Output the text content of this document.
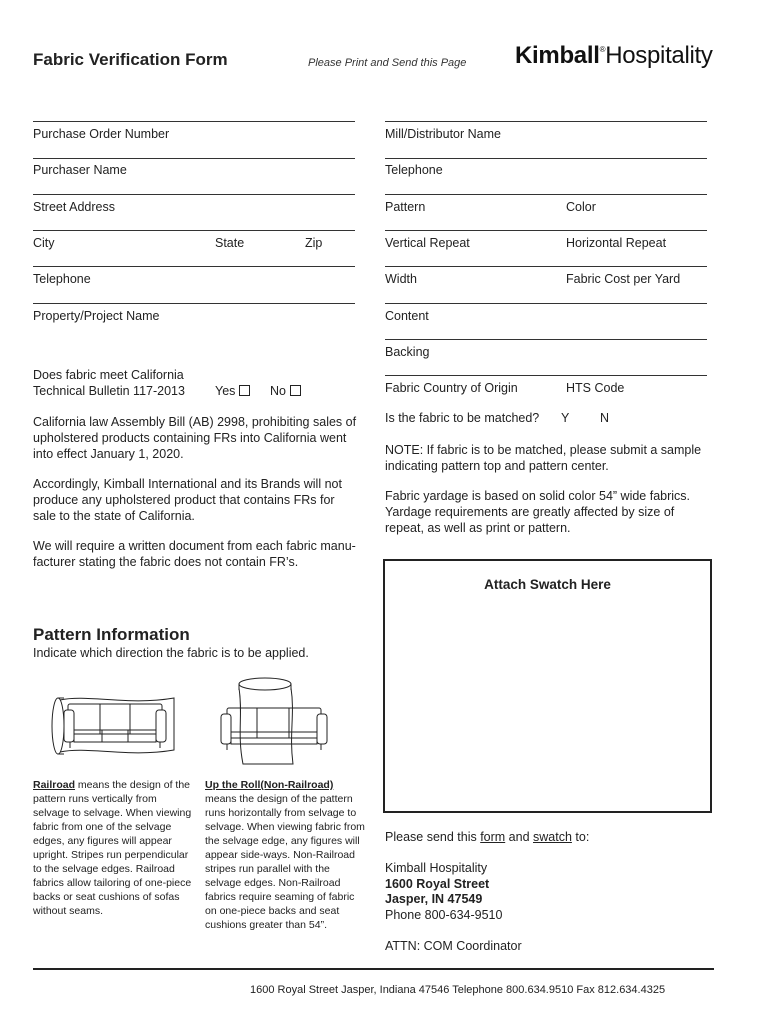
Fabric Verification Form	Please Print and Send this Page Kimball®Hospitality
Purchase Order Number
Purchaser Name
Street Address
City	State	Zip
Telephone
Property/Project Name
Mill/Distributor Name
Telephone
Pattern	Color
Vertical Repeat	Horizontal Repeat
Width	Fabric Cost per Yard
Content
Backing
Fabric Country of Origin	HTS Code
Does fabric meet California
Technical Bulletin 117-2013 Yes	No
California law Assembly Bill (AB) 2998, prohibiting sales of upholstered products containing FRs into California went into effect January 1, 2020.
Accordingly, Kimball International and its Brands will not produce any upholstered product that contains FRs for sale to the state of California.
We will require a written document from each fabric manu-facturer stating the fabric does not contain FR’s.
Is the fabric to be matched? Y N
NOTE: If fabric is to be matched, please submit a sample indicating pattern top and pattern center.
Fabric yardage is based on solid color 54” wide fabrics. Yardage requirements are greatly affected by size of repeat, as well as print or pattern.
Attach Swatch Here
Pattern Information
Indicate which direction the fabric is to be applied.
Railroad means the design of the pattern runs vertically from selvage to selvage. When viewing fabric from one of the selvage edges, any figures will appear upright. Stripes run perpendicular to the selvage edges. Railroad fabrics allow tailoring of one-piece backs or seat cushions of sofas without seams.
Up the Roll(Non-Railroad) means the design of the pattern runs horizontally from selvage to selvage. When viewing fabric from the selvage edge, any figures will appear side-ways. Non-Railroad stripes run parallel with the selvage edges. Non-Railroad fabrics require seaming of fabric on one-piece backs and seat cushions greater than 54”.
Please send this form and swatch to:
Kimball Hospitality
1600 Royal Street
Jasper, IN 47549
Phone 800-634-9510
ATTN: COM Coordinator
1600 Royal Street Jasper, Indiana 47546 Telephone 800.634.9510 Fax 812.634.4325
